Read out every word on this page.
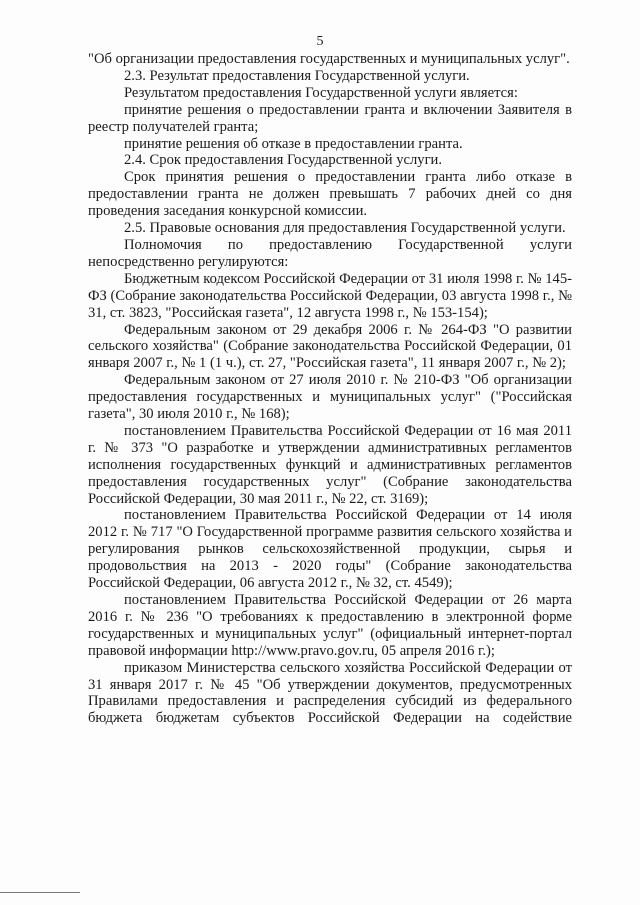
5

"Об организации предоставления государственных и муниципальных услуг".

2.3. Результат предоставления Государственной услуги.

Результатом предоставления Государственной услуги является:

принятие решения о предоставлении гранта и включении Заявителя в реестр получателей гранта;

принятие решения об отказе в предоставлении гранта.

2.4. Срок предоставления Государственной услуги.

Срок принятия решения о предоставлении гранта либо отказе в предоставлении гранта не должен превышать 7 рабочих дней со дня проведения заседания конкурсной комиссии.

2.5. Правовые основания для предоставления Государственной услуги.

Полномочия по предоставлению Государственной услуги непосредственно регулируются:

Бюджетным кодексом Российской Федерации от 31 июля 1998 г. № 145-ФЗ (Собрание законодательства Российской Федерации, 03 августа 1998 г., № 31, ст. 3823, "Российская газета", 12 августа 1998 г., № 153-154);

Федеральным законом от 29 декабря 2006 г. № 264-ФЗ "О развитии сельского хозяйства" (Собрание законодательства Российской Федерации, 01 января 2007 г., № 1 (1 ч.), ст. 27, "Российская газета", 11 января 2007 г., № 2);

Федеральным законом от 27 июля 2010 г. № 210-ФЗ "Об организации предоставления государственных и муниципальных услуг" ("Российская газета", 30 июля 2010 г., № 168);

постановлением Правительства Российской Федерации от 16 мая 2011 г. № 373 "О разработке и утверждении административных регламентов исполнения государственных функций и административных регламентов предоставления государственных услуг" (Собрание законодательства Российской Федерации, 30 мая 2011 г., № 22, ст. 3169);

постановлением Правительства Российской Федерации от 14 июля 2012 г. № 717 "О Государственной программе развития сельского хозяйства и регулирования рынков сельскохозяйственной продукции, сырья и продовольствия на 2013 - 2020 годы" (Собрание законодательства Российской Федерации, 06 августа 2012 г., № 32, ст. 4549);

постановлением Правительства Российской Федерации от 26 марта 2016 г. № 236 "О требованиях к предоставлению в электронной форме государственных и муниципальных услуг" (официальный интернет-портал правовой информации http://www.pravo.gov.ru, 05 апреля 2016 г.);

приказом Министерства сельского хозяйства Российской Федерации от 31 января 2017 г. № 45 "Об утверждении документов, предусмотренных Правилами предоставления и распределения субсидий из федерального бюджета бюджетам субъектов Российской Федерации на содействие
